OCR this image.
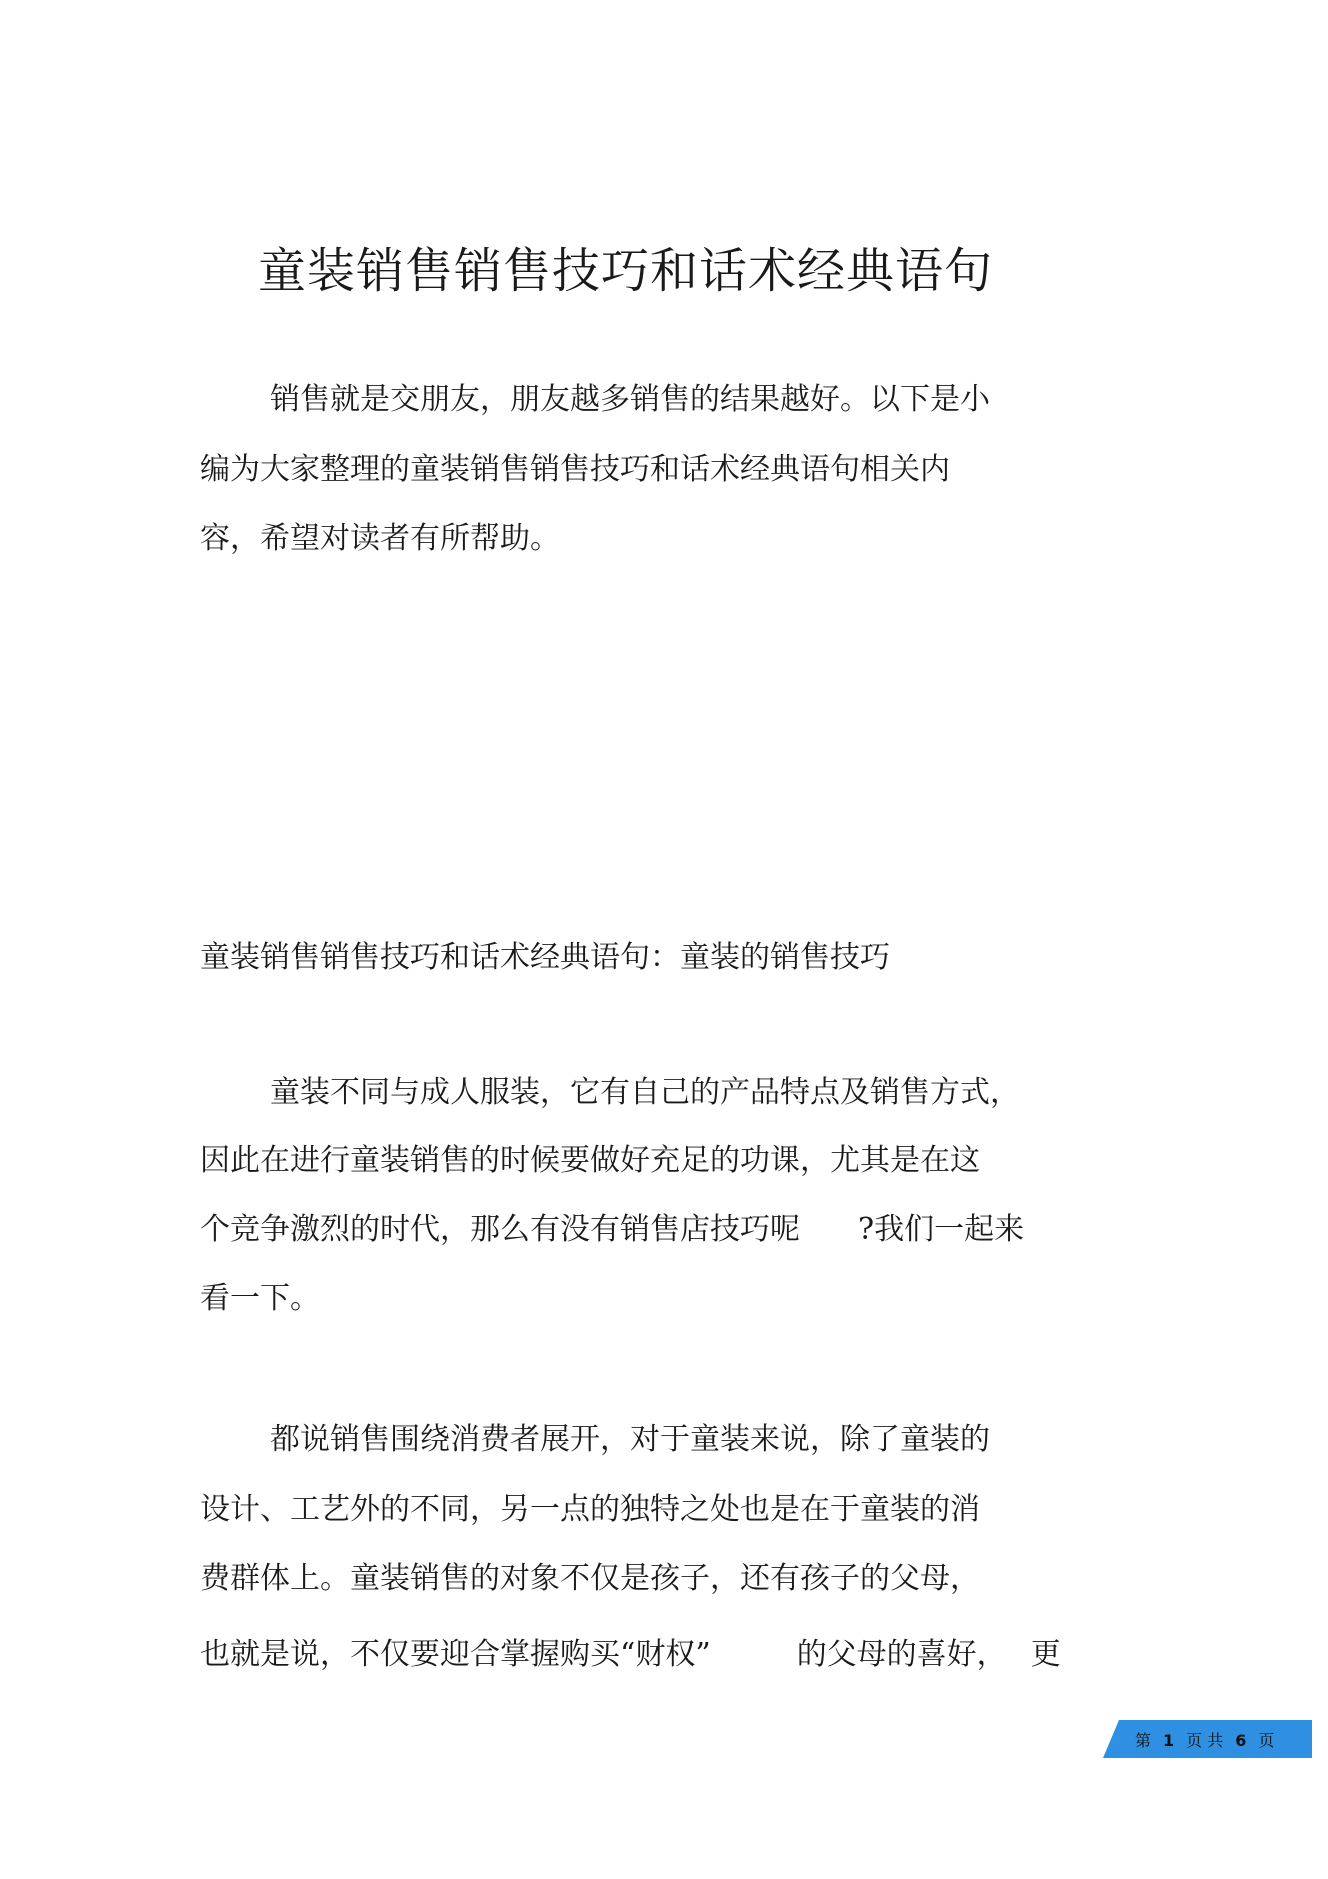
童装销售销售技巧和话术经典语句
销售就是交朋友，朋友越多销售的结果越好。以下是小
编为大家整理的童装销售销售技巧和话术经典语句相关内
容，希望对读者有所帮助。
童装销售销售技巧和话术经典语句：童装的销售技巧
童装不同与成人服装，它有自己的产品特点及销售方式，
因此在进行童装销售的时候要做好充足的功课，尤其是在这
个竞争激烈的时代，那么有没有销售店技巧呢 ?我们一起来
看一下。
都说销售围绕消费者展开，对于童装来说，除了童装的
设计、工艺外的不同，另一点的独特之处也是在于童装的消
费群体上。童装销售的对象不仅是孩子，还有孩子的父母，
也就是说，不仅要迎合掌握购买“财权”	的父母的喜好， 更
第 1 页 共 6 页
